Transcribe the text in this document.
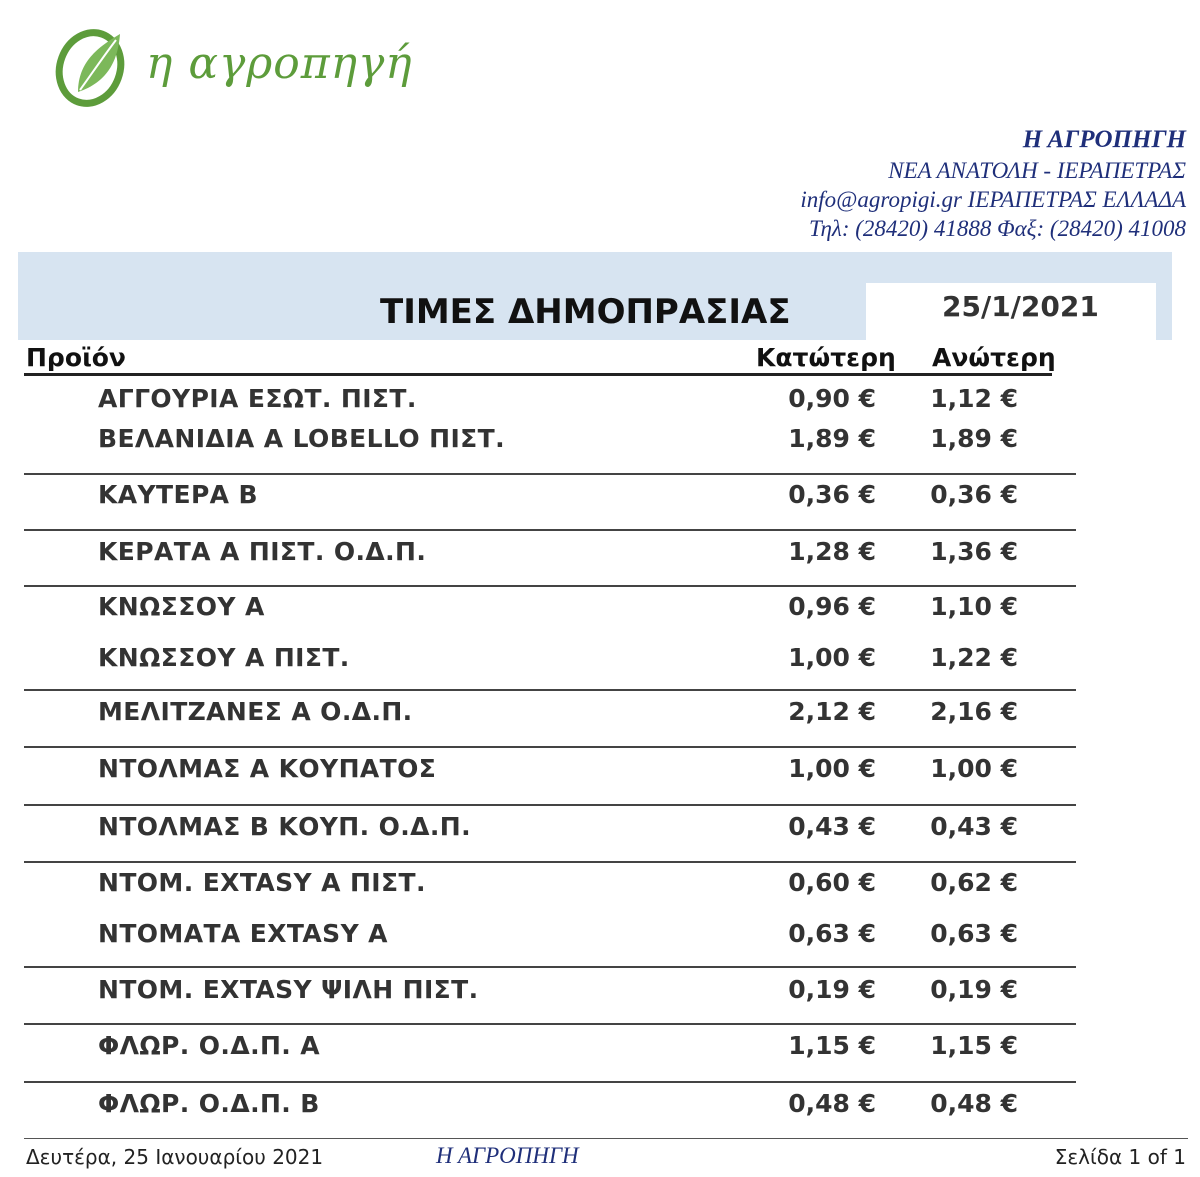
η αγροπηγή
Η ΑΓΡΟΠΗΓΗ
ΝΕΑ ΑΝΑΤΟΛΗ - ΙΕΡΑΠΕΤΡΑΣ
info@agropigi.gr ΙΕΡΑΠΕΤΡΑΣ ΕΛΛΑΔΑ
Τηλ: (28420) 41888 Φαξ: (28420) 41008
ΤΙΜΕΣ ΔΗΜΟΠΡΑΣΙΑΣ	25/1/2021
Προϊόν	Κατώτερη Ανώτερη
ΑΓΓΟΥΡΙΑ ΕΣΩΤ. ΠΙΣΤ.	0,90 € 1,12 €
ΒΕΛΑΝΙΔΙΑ Α LOBELLO ΠΙΣΤ.	1,89 € 1,89 €
ΚΑΥΤΕΡΑ Β	0,36 € 0,36 €
ΚΕΡΑΤΑ Α ΠΙΣΤ. Ο.Δ.Π.	1,28 € 1,36 €
ΚΝΩΣΣΟΥ Α	0,96 € 1,10 €
ΚΝΩΣΣΟΥ Α ΠΙΣΤ.	1,00 € 1,22 €
ΜΕΛΙΤΖΑΝΕΣ Α Ο.Δ.Π.	2,12 € 2,16 €
ΝΤΟΛΜΑΣ Α ΚΟΥΠΑΤΟΣ	1,00 € 1,00 €
ΝΤΟΛΜΑΣ Β ΚΟΥΠ. Ο.Δ.Π.	0,43 € 0,43 €
ΝΤΟΜ. EXTASY Α ΠΙΣΤ.	0,60 € 0,62 €
ΝΤΟΜΑΤΑ EXTASY Α	0,63 € 0,63 €
ΝΤΟΜ. EXTASY ΨΙΛΗ ΠΙΣΤ.	0,19 € 0,19 €
ΦΛΩΡ. Ο.Δ.Π. Α	1,15 € 1,15 €
ΦΛΩΡ. Ο.Δ.Π. Β	0,48 € 0,48 €
Δευτέρα, 25 Ιανουαρίου 2021	Η ΑΓΡΟΠΗΓΗ	Σελίδα 1 of 1
